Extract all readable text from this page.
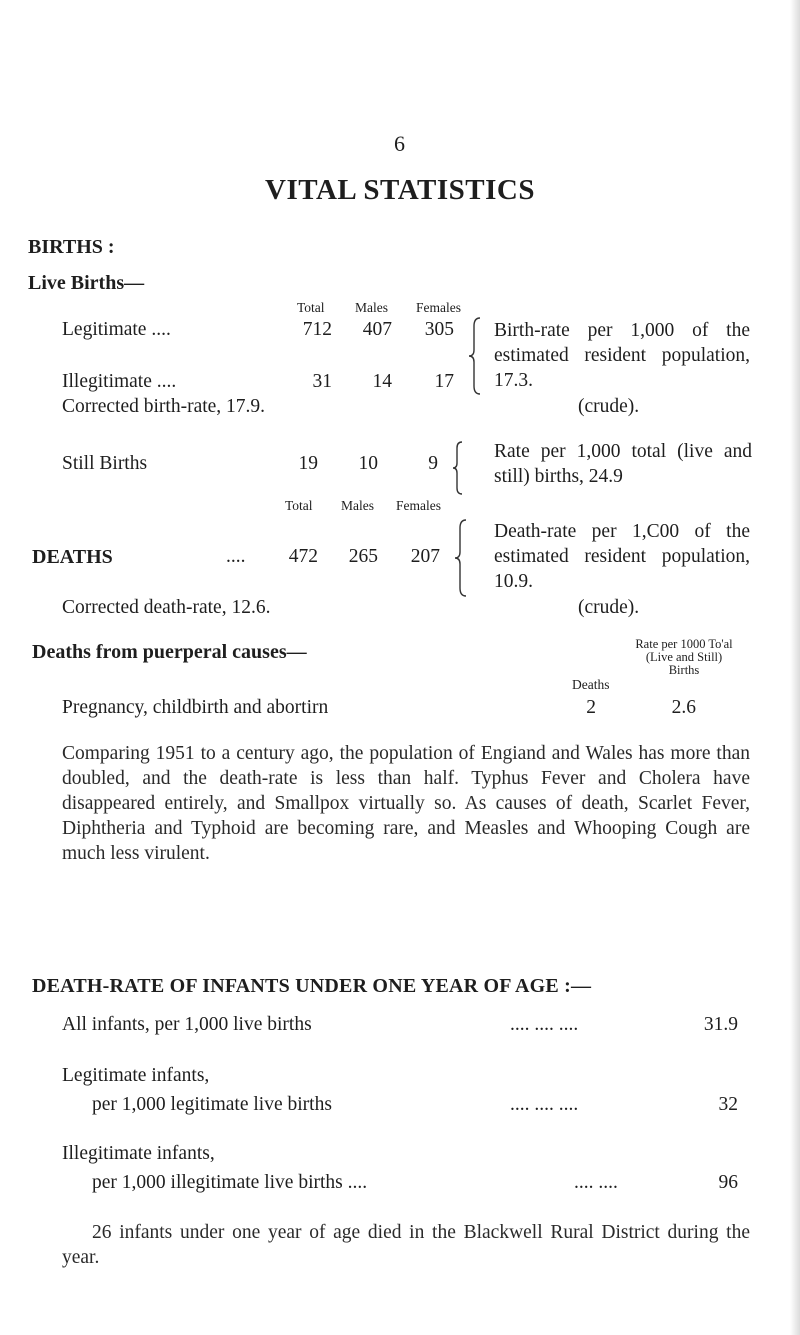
6
VITAL STATISTICS
BIRTHS :
Live Births—
Total Males Females
Legitimate ....	712	407	305
Illegitimate ....	31	14	17
Birth-rate per 1,000 of the estimated resident population, 17.3.
(crude).
Corrected birth-rate, 17.9.
Still Births	19	10	9
Rate per 1,000 total (live and still) births, 24.9
Total Males Females
DEATHS	....	472	265	207
Death-rate per 1,C00 of the estimated resident population, 10.9.
Corrected death-rate, 12.6.	(crude).
Deaths from puerperal causes—
Deaths
Rate per 1000 To'al (Live and Still) Births
Pregnancy, childbirth and abortirn	2	2.6
Comparing 1951 to a century ago, the population of Engiand and Wales has more than doubled, and the death-rate is less than half. Typhus Fever and Cholera have disappeared entirely, and Smallpox virtually so. As causes of death, Scarlet Fever, Diphtheria and Typhoid are becoming rare, and Measles and Whooping Cough are much less virulent.
DEATH-RATE OF INFANTS UNDER ONE YEAR OF AGE :—
All infants, per 1,000 live births	.... .... ....	31.9
Legitimate infants,
per 1,000 legitimate live births	.... .... ....	32
Illegitimate infants,
per 1,000 illegitimate live births ....	.... ....	96
26 infants under one year of age died in the Blackwell Rural District during the year.
